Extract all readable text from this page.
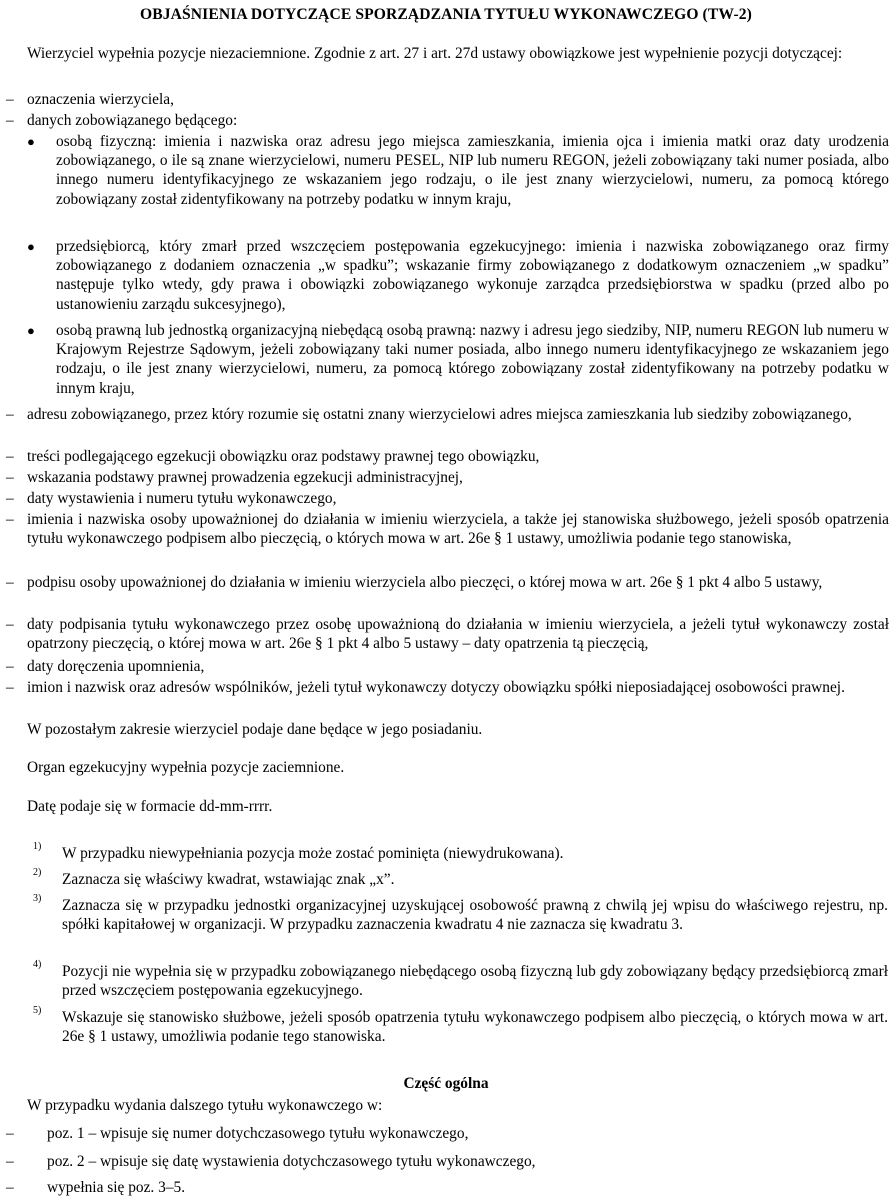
OBJAŚNIENIA DOTYCZĄCE SPORZĄDZANIA TYTUŁU WYKONAWCZEGO (TW-2)
Wierzyciel wypełnia pozycje niezaciemnione. Zgodnie z art. 27 i art. 27d ustawy obowiązkowe jest wypełnienie pozycji dotyczącej:
– oznaczenia wierzyciela,
– danych zobowiązanego będącego:
● osobą fizyczną: imienia i nazwiska oraz adresu jego miejsca zamieszkania, imienia ojca i imienia matki oraz daty urodzenia zobowiązanego, o ile są znane wierzycielowi, numeru PESEL, NIP lub numeru REGON, jeżeli zobowiązany taki numer posiada, albo innego numeru identyfikacyjnego ze wskazaniem jego rodzaju, o ile jest znany wierzycielowi, numeru, za pomocą którego zobowiązany został zidentyfikowany na potrzeby podatku w innym kraju,
● przedsiębiorcą, który zmarł przed wszczęciem postępowania egzekucyjnego: imienia i nazwiska zobowiązanego oraz firmy zobowiązanego z dodaniem oznaczenia „w spadku”; wskazanie firmy zobowiązanego z dodatkowym oznaczeniem „w spadku” następuje tylko wtedy, gdy prawa i obowiązki zobowiązanego wykonuje zarządca przedsiębiorstwa w spadku (przed albo po ustanowieniu zarządu sukcesyjnego),
● osobą prawną lub jednostką organizacyjną niebędącą osobą prawną: nazwy i adresu jego siedziby, NIP, numeru REGON lub numeru w Krajowym Rejestrze Sądowym, jeżeli zobowiązany taki numer posiada, albo innego numeru identyfikacyjnego ze wskazaniem jego rodzaju, o ile jest znany wierzycielowi, numeru, za pomocą którego zobowiązany został zidentyfikowany na potrzeby podatku w innym kraju,
– adresu zobowiązanego, przez który rozumie się ostatni znany wierzycielowi adres miejsca zamieszkania lub siedziby zobowiązanego,
– treści podlegającego egzekucji obowiązku oraz podstawy prawnej tego obowiązku,
– wskazania podstawy prawnej prowadzenia egzekucji administracyjnej,
– daty wystawienia i numeru tytułu wykonawczego,
– imienia i nazwiska osoby upoważnionej do działania w imieniu wierzyciela, a także jej stanowiska służbowego, jeżeli sposób opatrzenia tytułu wykonawczego podpisem albo pieczęcią, o których mowa w art. 26e § 1 ustawy, umożliwia podanie tego stanowiska,
– podpisu osoby upoważnionej do działania w imieniu wierzyciela albo pieczęci, o której mowa w art. 26e § 1 pkt 4 albo 5 ustawy,
– daty podpisania tytułu wykonawczego przez osobę upoważnioną do działania w imieniu wierzyciela, a jeżeli tytuł wykonawczy został opatrzony pieczęcią, o której mowa w art. 26e § 1 pkt 4 albo 5 ustawy – daty opatrzenia tą pieczęcią,
– daty doręczenia upomnienia,
– imion i nazwisk oraz adresów wspólników, jeżeli tytuł wykonawczy dotyczy obowiązku spółki nieposiadającej osobowości prawnej.
W pozostałym zakresie wierzyciel podaje dane będące w jego posiadaniu.
Organ egzekucyjny wypełnia pozycje zaciemnione.
Datę podaje się w formacie dd-mm-rrrr.
1) W przypadku niewypełniania pozycja może zostać pominięta (niewydrukowana).
2) Zaznacza się właściwy kwadrat, wstawiając znak „x”.
3) Zaznacza się w przypadku jednostki organizacyjnej uzyskującej osobowość prawną z chwilą jej wpisu do właściwego rejestru, np. spółki kapitałowej w organizacji. W przypadku zaznaczenia kwadratu 4 nie zaznacza się kwadratu 3.
4) Pozycji nie wypełnia się w przypadku zobowiązanego niebędącego osobą fizyczną lub gdy zobowiązany będący przedsiębiorcą zmarł przed wszczęciem postępowania egzekucyjnego.
5) Wskazuje się stanowisko służbowe, jeżeli sposób opatrzenia tytułu wykonawczego podpisem albo pieczęcią, o których mowa w art. 26e § 1 ustawy, umożliwia podanie tego stanowiska.
Część ogólna
W przypadku wydania dalszego tytułu wykonawczego w:
– poz. 1 – wpisuje się numer dotychczasowego tytułu wykonawczego,
– poz. 2 – wpisuje się datę wystawienia dotychczasowego tytułu wykonawczego,
– wypełnia się poz. 3–5.
